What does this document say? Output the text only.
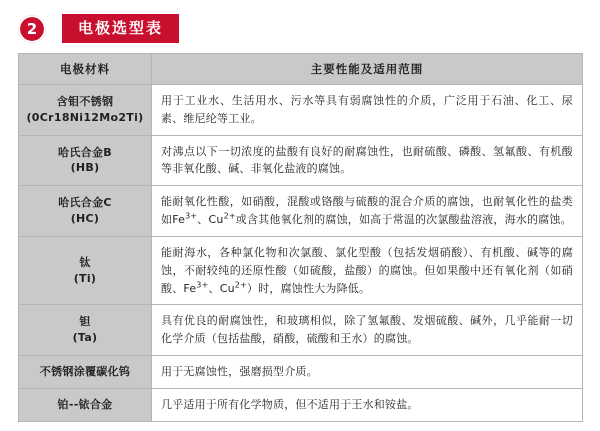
2	电极选型表
电极材料	主要性能及适用范围

含钼不锈钢
(0Cr18Ni12Mo2Ti)	用于工业水、生活用水、污水等具有弱腐蚀性的介质，广泛用于石油、化工、尿素、维尼纶等工业。

哈氏合金B
(HB)	对沸点以下一切浓度的盐酸有良好的耐腐蚀性，也耐硫酸、磷酸、氢氟酸、有机酸等非氧化酸、碱、非氧化盐液的腐蚀。

哈氏合金C
(HC)	能耐氧化性酸，如硝酸，混酸或铬酸与硫酸的混合介质的腐蚀，也耐氧化性的盐类如$Fe^{3+}$、$Cu^{2+}$或含其他氧化剂的腐蚀，如高于常温的次氯酸盐溶液，海水的腐蚀。

钛
(Ti)	能耐海水，各种氯化物和次氯酸、氯化型酸（包括发烟硝酸）、有机酸、碱等的腐蚀，不耐较纯的还原性酸（如硫酸，盐酸）的腐蚀。但如果酸中还有氧化剂（如硝酸、$Fe^{3+}$、$Cu^{2+}$）时，腐蚀性大为降低。

钽
(Ta)	具有优良的耐腐蚀性，和玻璃相似，除了氢氟酸、发烟硫酸、碱外，几乎能耐一切化学介质（包括盐酸，硝酸，硫酸和王水）的腐蚀。

不锈钢涂覆碳化钨	用于无腐蚀性，强磨损型介质。

铂--铱合金	几乎适用于所有化学物质，但不适用于王水和铵盐。
